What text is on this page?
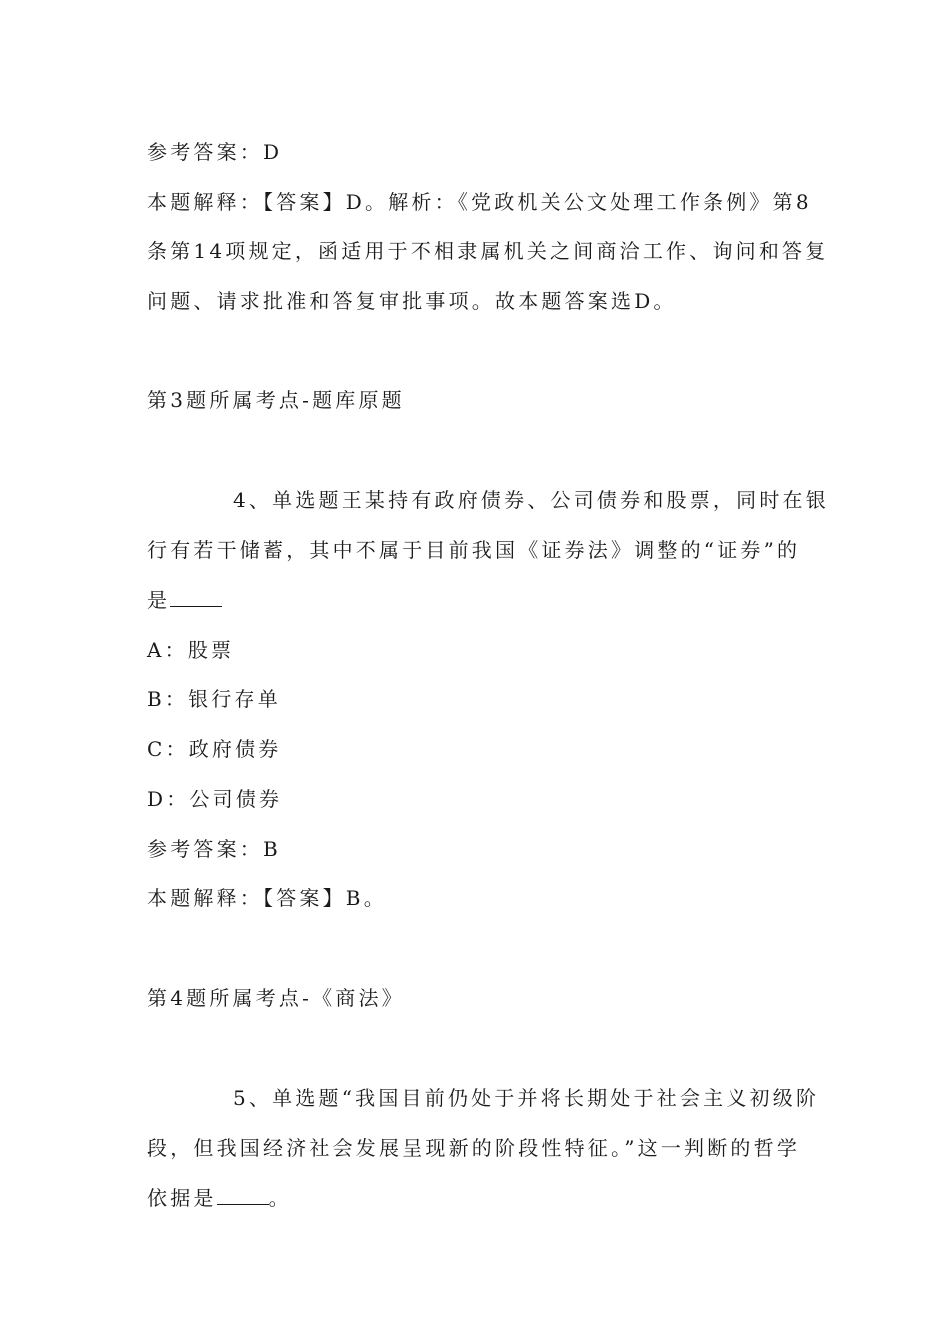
参考答案：D
本题解释：【答案】D。解析：《党政机关公文处理工作条例》第8
条第14项规定，函适用于不相隶属机关之间商洽工作、询问和答复
问题、请求批准和答复审批事项。故本题答案选D。
第3题所属考点-题库原题
4、单选题王某持有政府债券、公司债券和股票，同时在银
行有若干储蓄，其中不属于目前我国《证券法》调整的“证券”的
是
A：股票
B：银行存单
C：政府债券
D：公司债券
参考答案：B
本题解释：【答案】B。
第4题所属考点-《商法》
5、单选题“我国目前仍处于并将长期处于社会主义初级阶
段，但我国经济社会发展呈现新的阶段性特征。”这一判断的哲学
依据是	。
